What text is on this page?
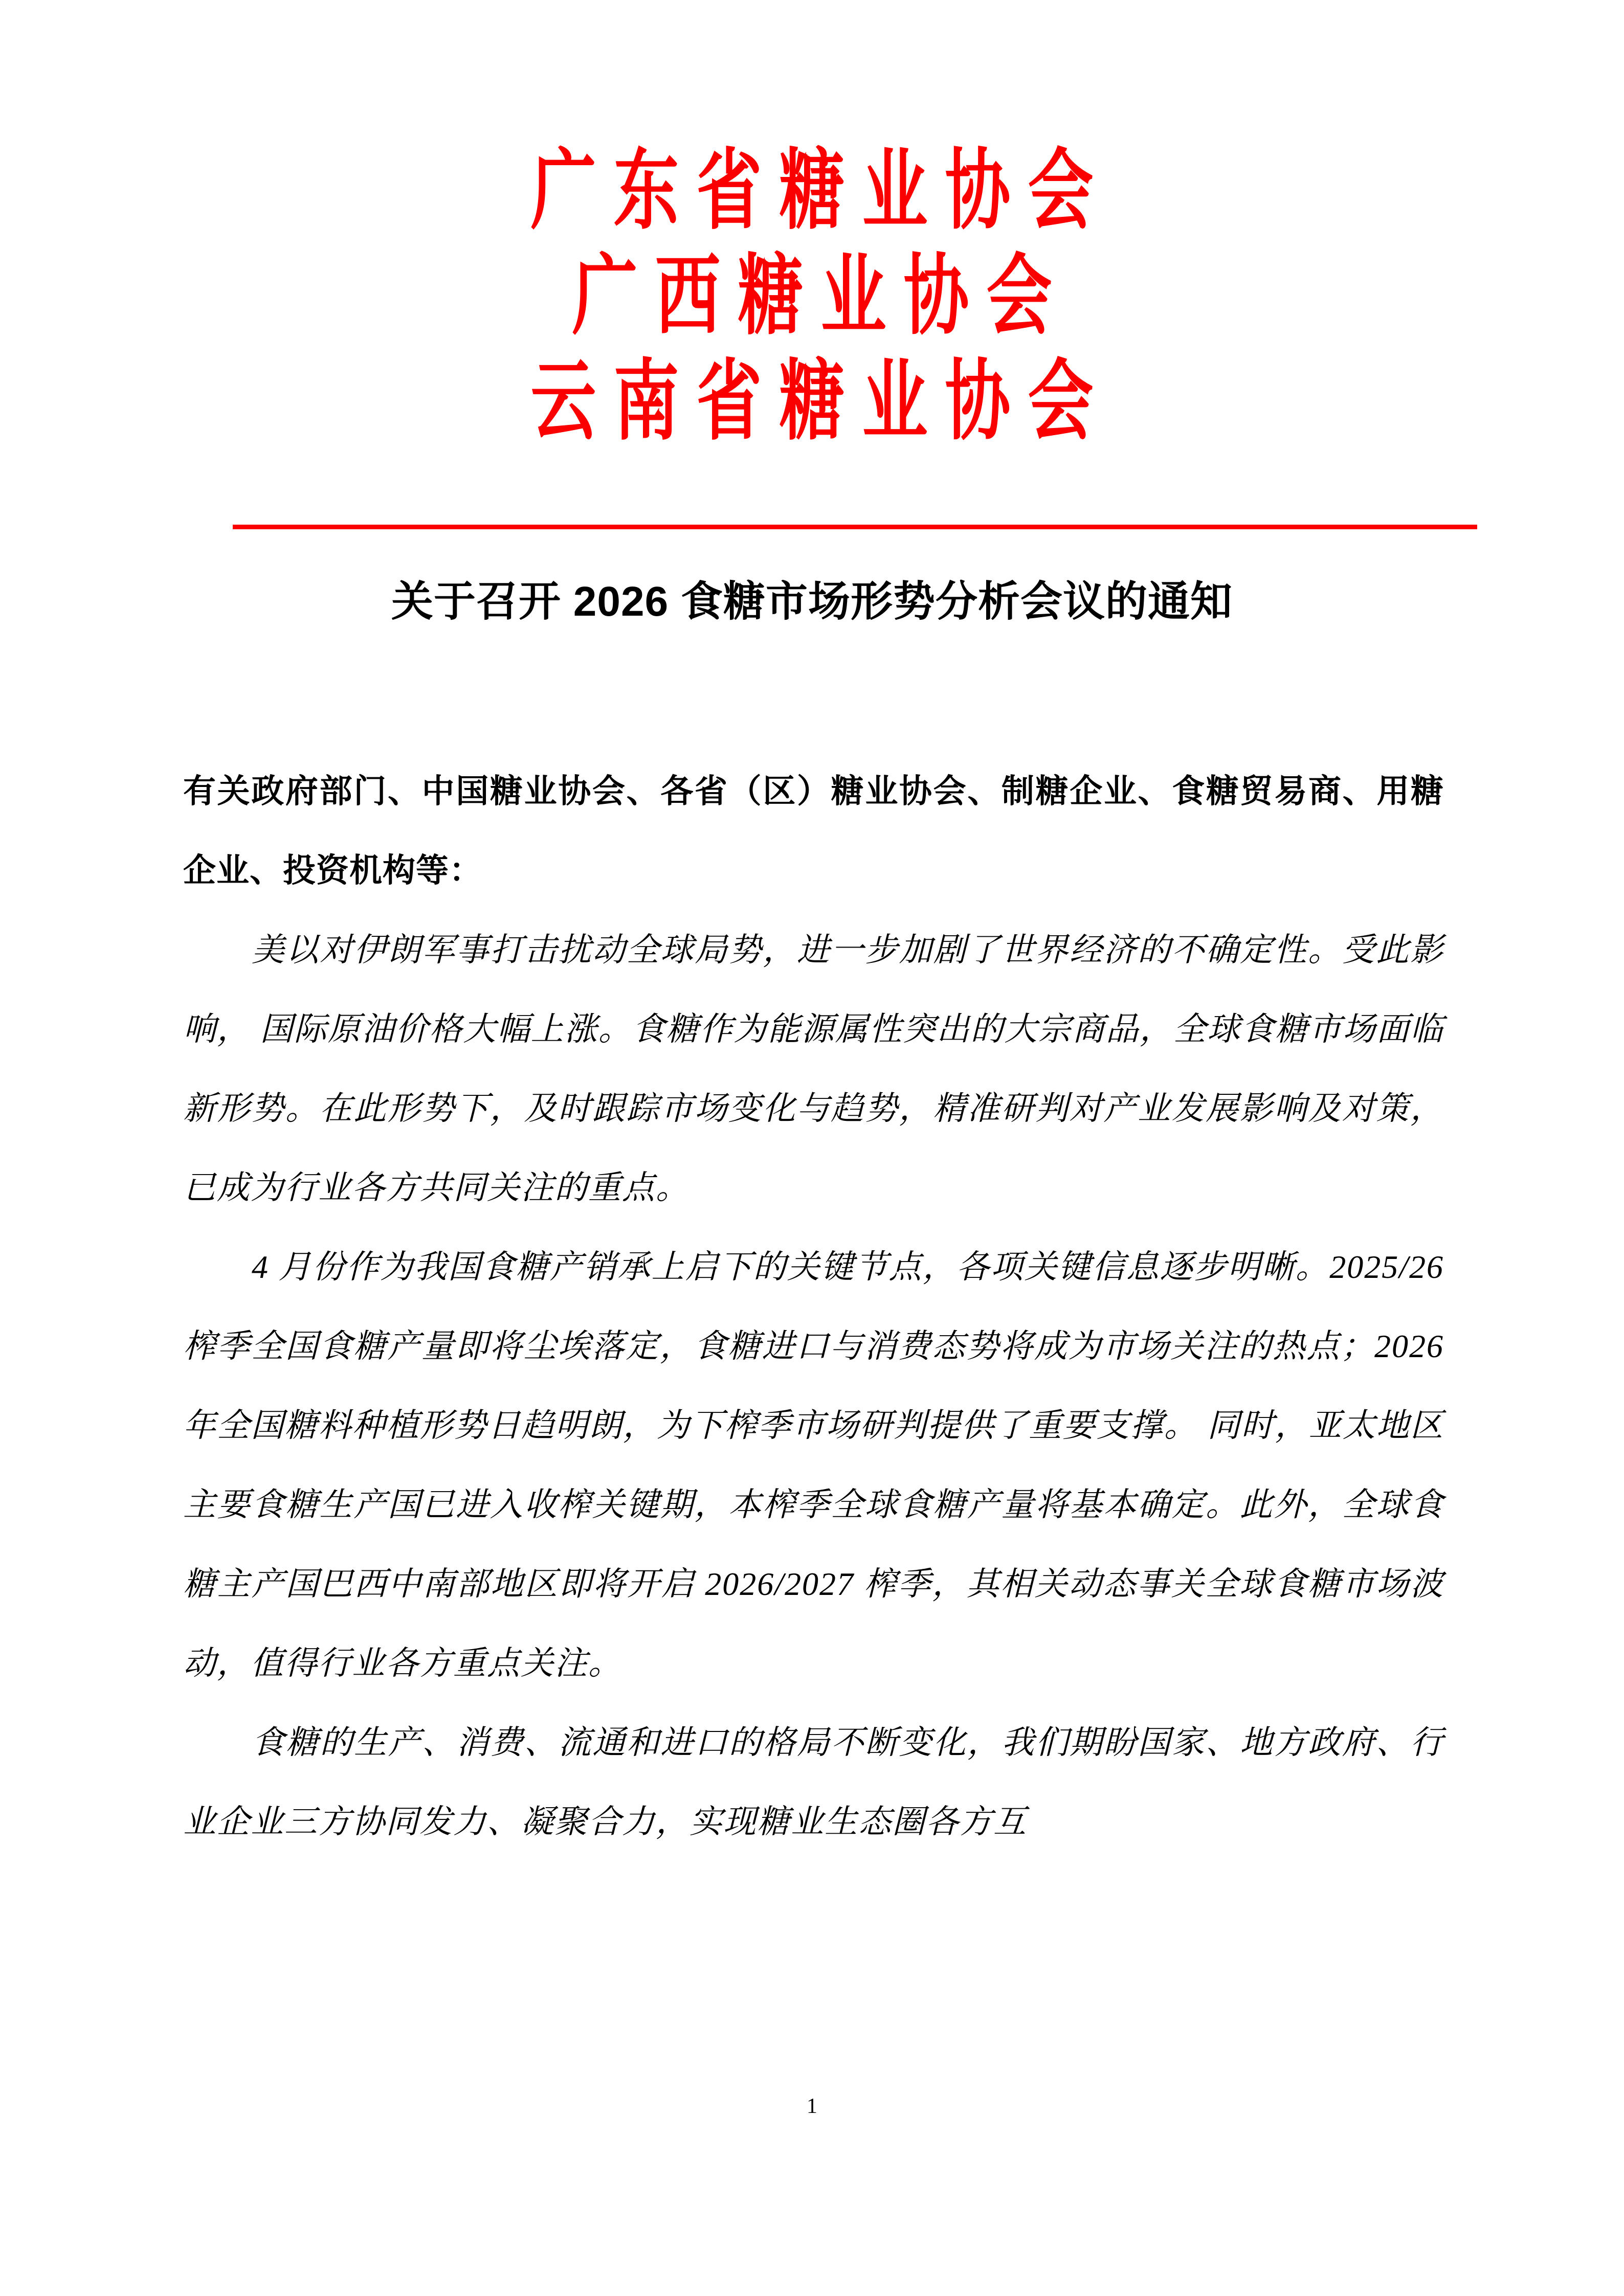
广东省糖业协会
广西糖业协会
云南省糖业协会
关于召开 2026 食糖市场形势分析会议的通知

有关政府部门、中国糖业协会、各省（区）糖业协会、制糖企业、食糖贸易商、用糖企业、投资机构等：

美以对伊朗军事打击扰动全球局势，进一步加剧了世界经济的不确定性。受此影响， 国际原油价格大幅上涨。食糖作为能源属性突出的大宗商品，全球食糖市场面临新形势。在此形势下，及时跟踪市场变化与趋势，精准研判对产业发展影响及对策， 已成为行业各方共同关注的重点。

4 月份作为我国食糖产销承上启下的关键节点，各项关键信息逐步明晰。2025/26 榨季全国食糖产量即将尘埃落定，食糖进口与消费态势将成为市场关注的热点；2026 年全国糖料种植形势日趋明朗，为下榨季市场研判提供了重要支撑。 同时，亚太地区主要食糖生产国已进入收榨关键期，本榨季全球食糖产量将基本确定。此外，全球食糖主产国巴西中南部地区即将开启 2026/2027 榨季，其相关动态事关全球食糖市场波动，值得行业各方重点关注。

食糖的生产、消费、流通和进口的格局不断变化，我们期盼国家、地方政府、行业企业三方协同发力、凝聚合力，实现糖业生态圈各方互

1
